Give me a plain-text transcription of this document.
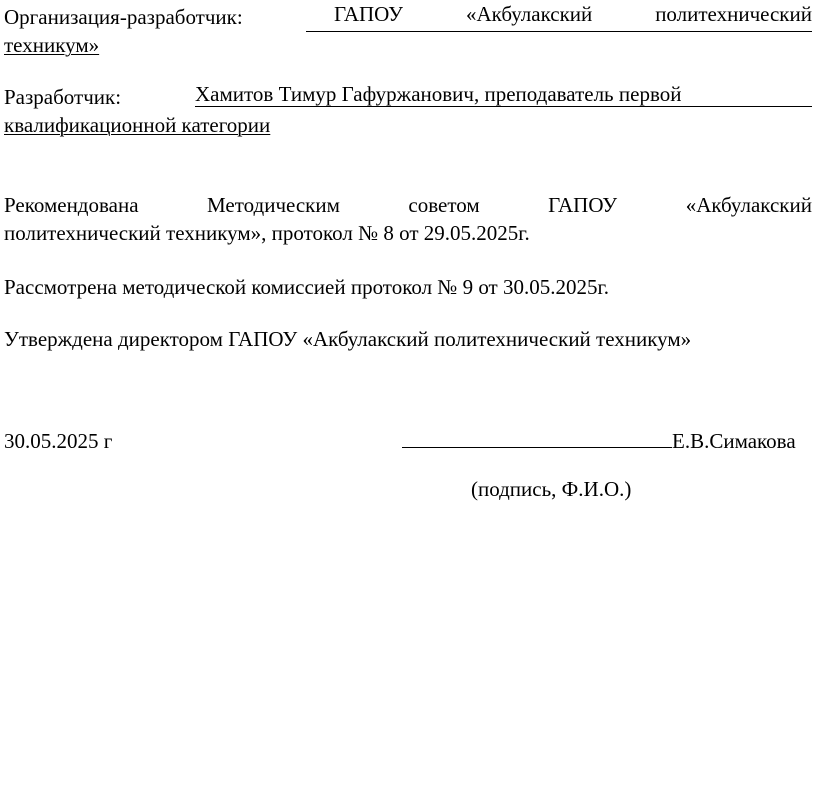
Организация-разработчик:	ГАПОУ	«Акбулакский	политехнический
техникум»
Разработчик:	Хамитов Тимур Гафуржанович, преподаватель первой
квалификационной категории
Рекомендована	Методическим	советом	ГАПОУ	«Акбулакский
политехнический техникум», протокол № 8 от 29.05.2025г.
Рассмотрена методической комиссией протокол № 9 от 30.05.2025г.
Утверждена директором ГАПОУ «Акбулакский политехнический техникум»
30.05.2025 г	Е.В.Симакова
(подпись, Ф.И.О.)
